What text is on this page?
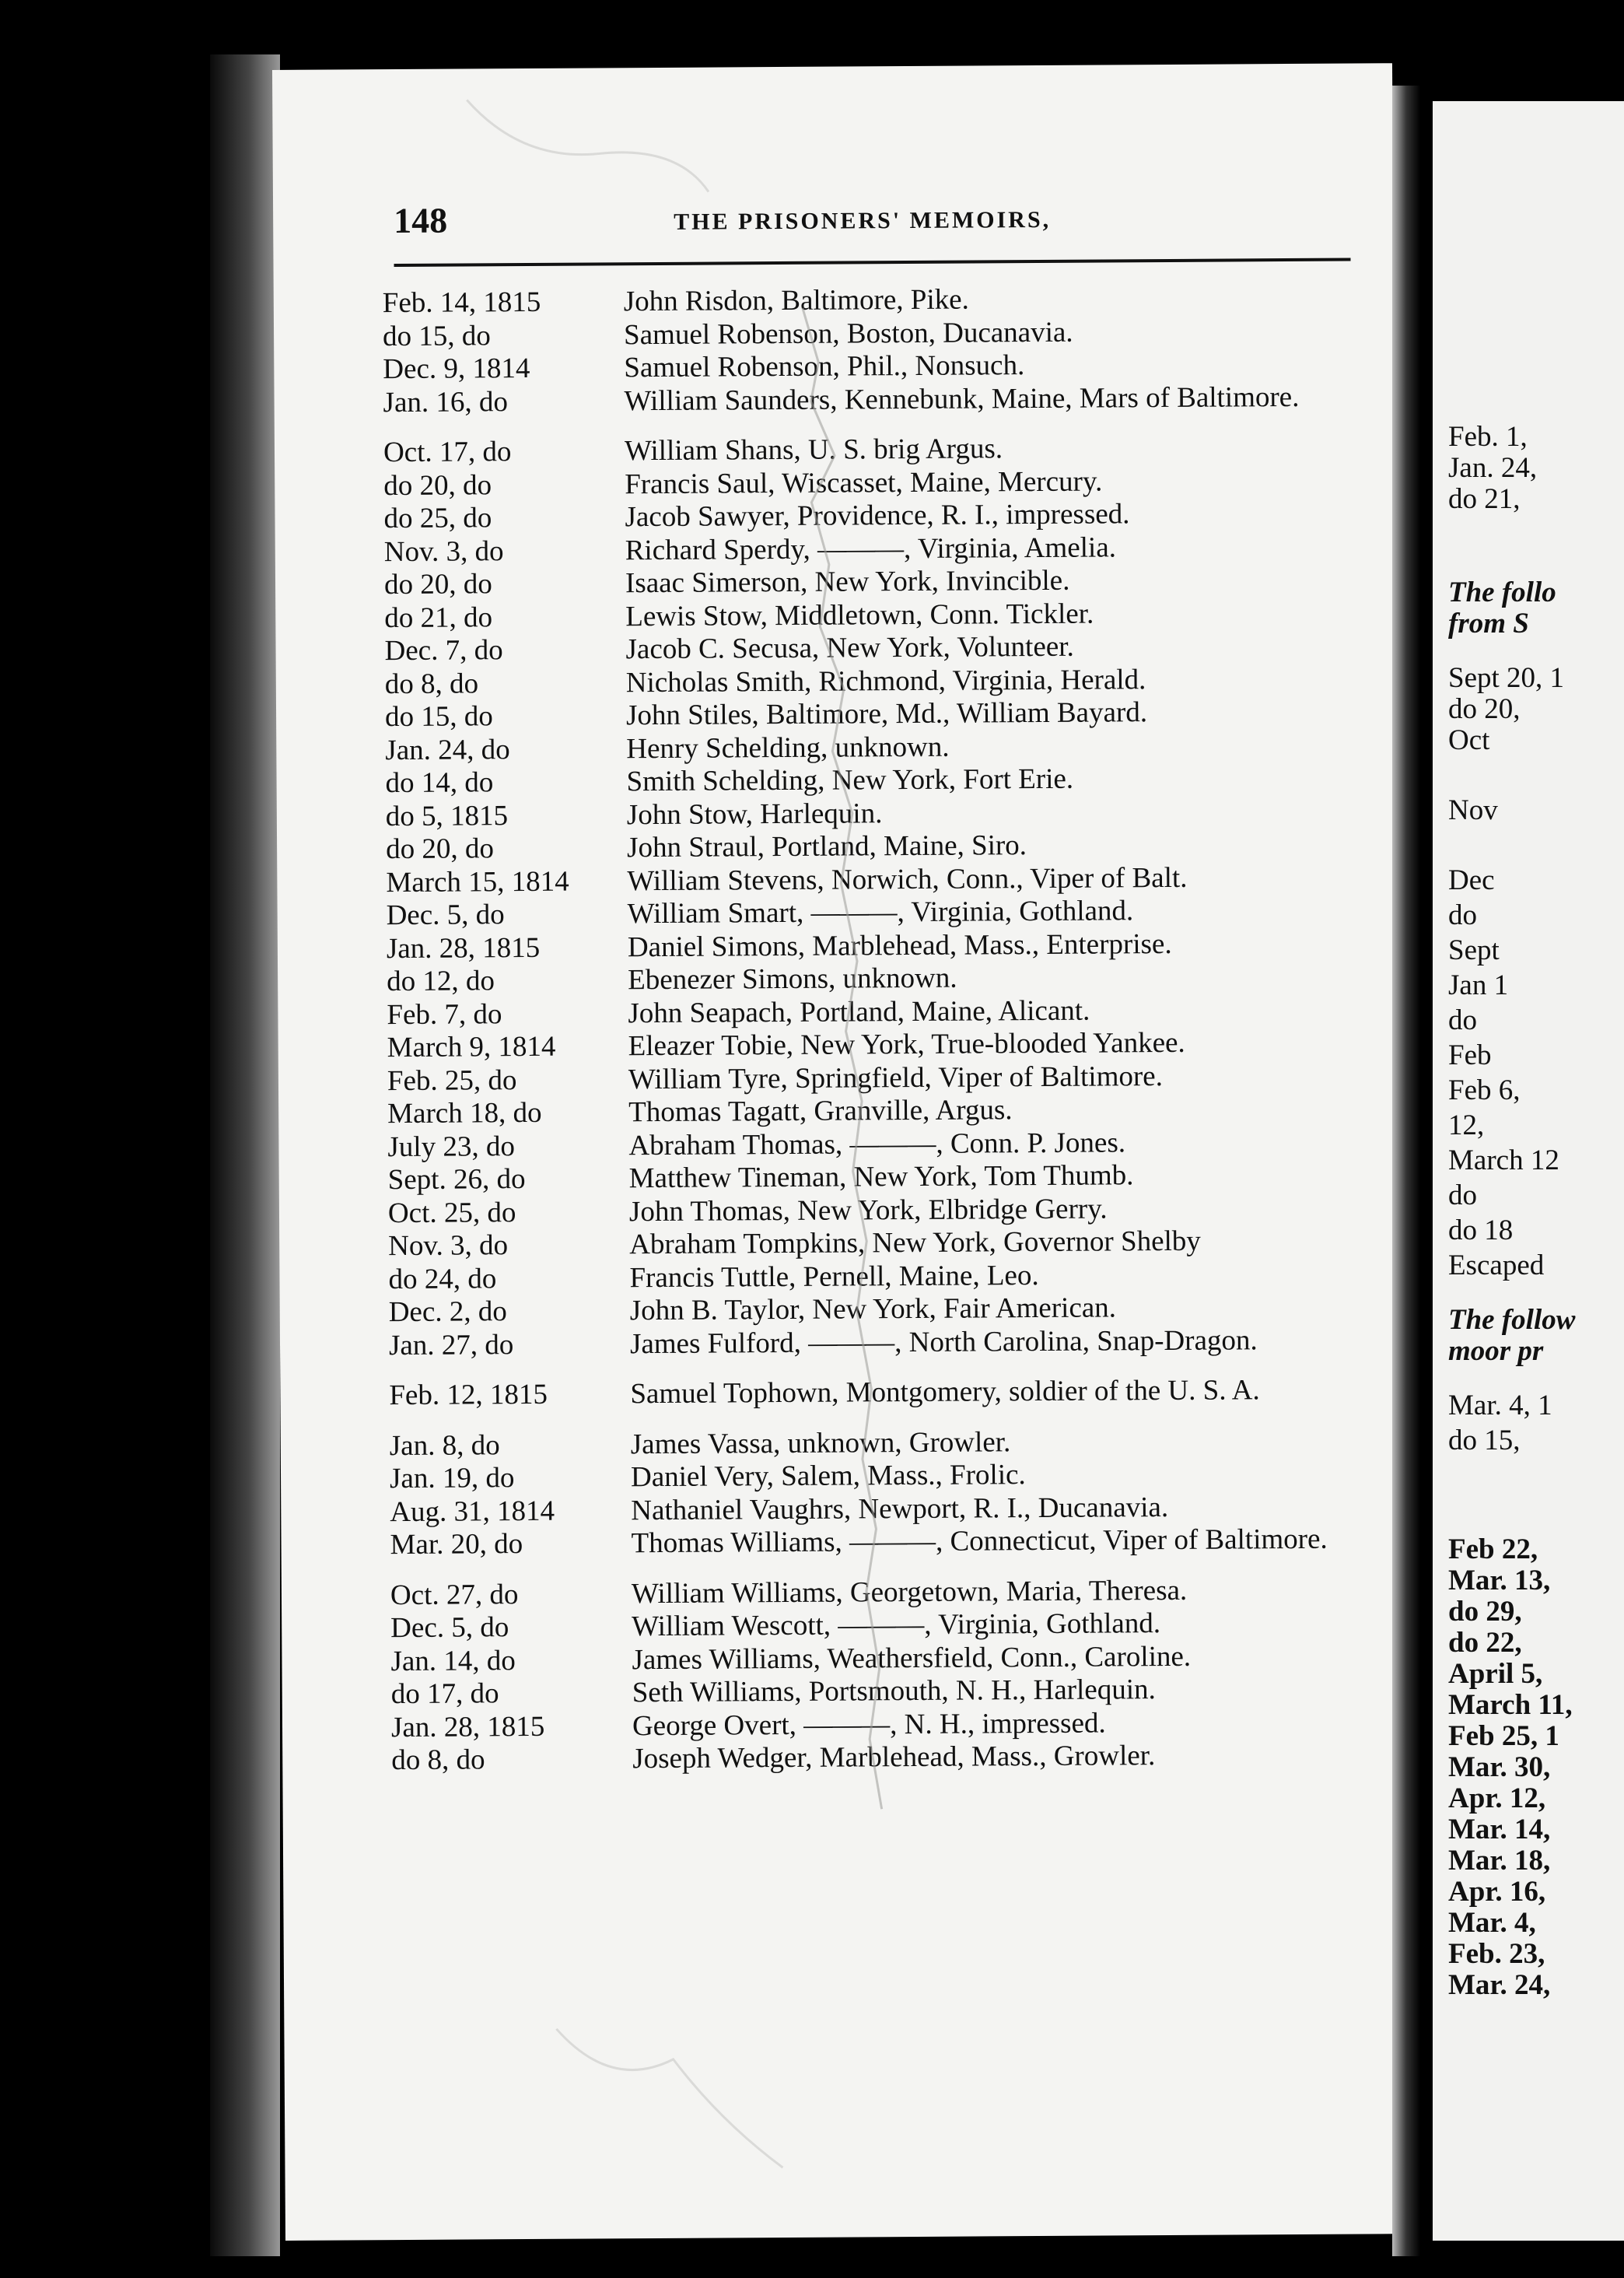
148	THE PRISONERS' MEMOIRS,
Feb. 14, 1815	John Risdon, Baltimore, Pike.
do 15, do	Samuel Robenson, Boston, Ducanavia.
Dec. 9, 1814	Samuel Robenson, Phil., Nonsuch.
Jan. 16, do	William Saunders, Kennebunk, Maine, Mars of Baltimore.
Oct. 17, do	William Shans, U. S. brig Argus.
do 20, do	Francis Saul, Wiscasset, Maine, Mercury.
do 25, do	Jacob Sawyer, Providence, R. I., impressed.
Nov. 3, do	Richard Sperdy, ———, Virginia, Amelia.
do 20, do	Isaac Simerson, New York, Invincible.
do 21, do	Lewis Stow, Middletown, Conn. Tickler.
Dec. 7, do	Jacob C. Secusa, New York, Volunteer.
do 8, do	Nicholas Smith, Richmond, Virginia, Herald.
do 15, do	John Stiles, Baltimore, Md., William Bayard.
Jan. 24, do	Henry Schelding, unknown.
do 14, do	Smith Schelding, New York, Fort Erie.
do 5, 1815	John Stow, Harlequin.
do 20, do	John Straul, Portland, Maine, Siro.
March 15, 1814	William Stevens, Norwich, Conn., Viper of Balt.
Dec. 5, do	William Smart, ———, Virginia, Gothland.
Jan. 28, 1815	Daniel Simons, Marblehead, Mass., Enterprise.
do 12, do	Ebenezer Simons, unknown.
Feb. 7, do	John Seapach, Portland, Maine, Alicant.
March 9, 1814	Eleazer Tobie, New York, True-blooded Yankee.
Feb. 25, do	William Tyre, Springfield, Viper of Baltimore.
March 18, do	Thomas Tagatt, Granville, Argus.
July 23, do	Abraham Thomas, ———, Conn. P. Jones.
Sept. 26, do	Matthew Tineman, New York, Tom Thumb.
Oct. 25, do	John Thomas, New York, Elbridge Gerry.
Nov. 3, do	Abraham Tompkins, New York, Governor Shelby
do 24, do	Francis Tuttle, Pernell, Maine, Leo.
Dec. 2, do	John B. Taylor, New York, Fair American.
Jan. 27, do	James Fulford, ———, North Carolina, Snap-Dragon.
Feb. 12, 1815	Samuel Tophown, Montgomery, soldier of the U. S. A.
Jan. 8, do	James Vassa, unknown, Growler.
Jan. 19, do	Daniel Very, Salem, Mass., Frolic.
Aug. 31, 1814	Nathaniel Vaughrs, Newport, R. I., Ducanavia.
Mar. 20, do	Thomas Williams, ———, Connecticut, Viper of Baltimore.
Oct. 27, do	William Williams, Georgetown, Maria, Theresa.
Dec. 5, do	William Wescott, ———, Virginia, Gothland.
Jan. 14, do	James Williams, Weathersfield, Conn., Caroline.
do 17, do	Seth Williams, Portsmouth, N. H., Harlequin.
Jan. 28, 1815	George Overt, ———, N. H., impressed.
do 8, do	Joseph Wedger, Marblehead, Mass., Growler.
Feb. 1,
Jan. 24,
do 21,
The follo
from S
Sept 20, 1
do 20,
Oct
Nov
Dec
do
Sept
Jan 1
do
Feb
Feb 6,
12,
March 12
do
do 18
Escaped
The follow
moor pr
Mar. 4, 1
do 15,
Feb 22,
Mar. 13,
do 29,
do 22,
April 5,
March 11,
Feb 25, 1
Mar. 30,
Apr. 12,
Mar. 14,
Mar. 18,
Apr. 16,
Mar. 4,
Feb. 23,
Mar. 24,
